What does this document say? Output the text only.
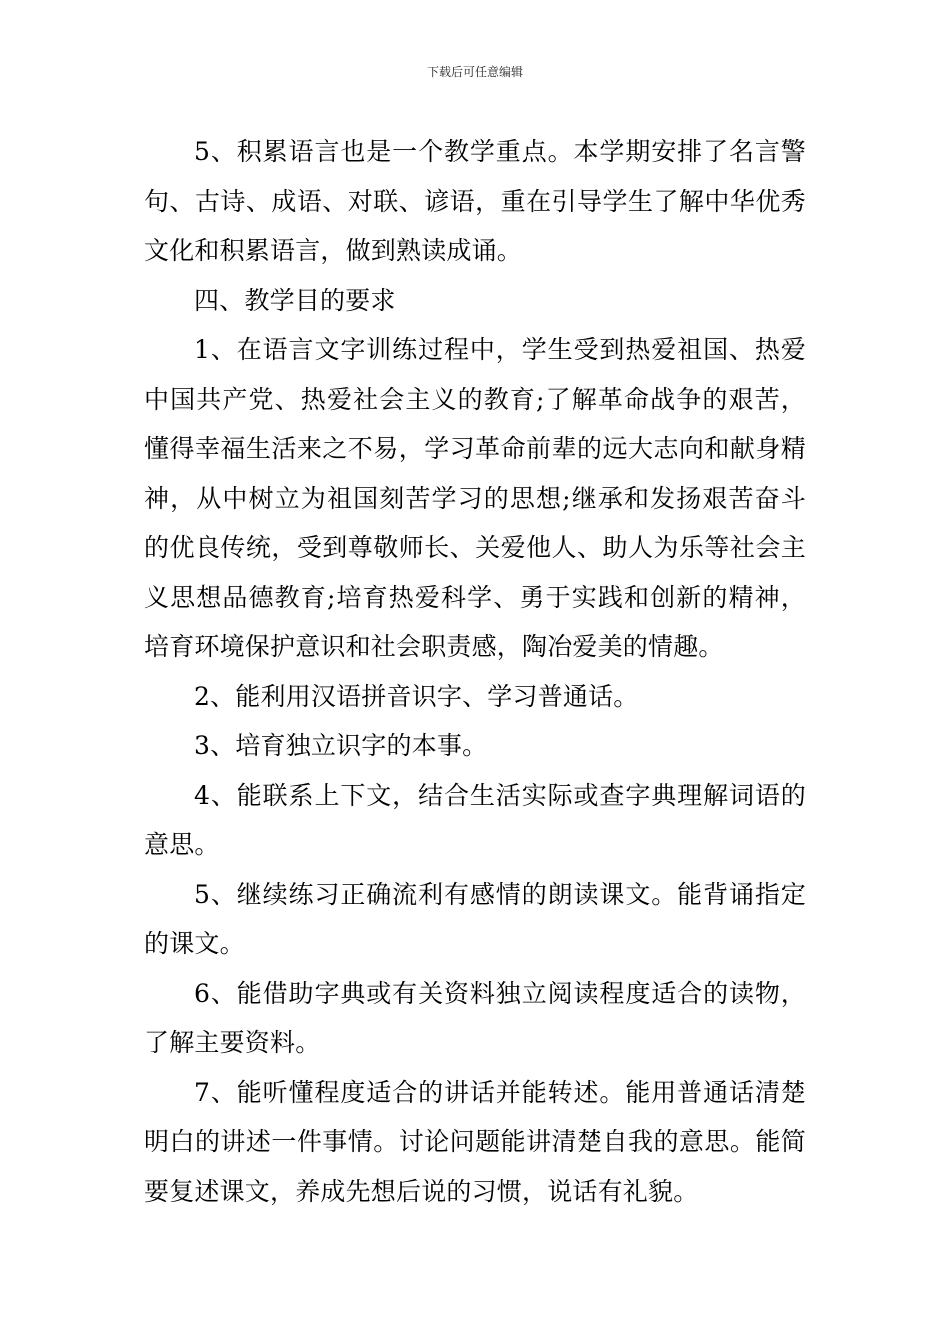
下载后可任意编辑

5、积累语言也是一个教学重点。本学期安排了名言警句、古诗、成语、对联、谚语，重在引导学生了解中华优秀文化和积累语言，做到熟读成诵。

四、教学目的要求

1、在语言文字训练过程中，学生受到热爱祖国、热爱中国共产党、热爱社会主义的教育;了解革命战争的艰苦，懂得幸福生活来之不易，学习革命前辈的远大志向和献身精神，从中树立为祖国刻苦学习的思想;继承和发扬艰苦奋斗的优良传统，受到尊敬师长、关爱他人、助人为乐等社会主义思想品德教育;培育热爱科学、勇于实践和创新的精神，培育环境保护意识和社会职责感，陶冶爱美的情趣。

2、能利用汉语拼音识字、学习普通话。

3、培育独立识字的本事。

4、能联系上下文，结合生活实际或查字典理解词语的意思。

5、继续练习正确流利有感情的朗读课文。能背诵指定的课文。

6、能借助字典或有关资料独立阅读程度适合的读物，了解主要资料。

7、能听懂程度适合的讲话并能转述。能用普通话清楚明白的讲述一件事情。讨论问题能讲清楚自我的意思。能简要复述课文，养成先想后说的习惯，说话有礼貌。
